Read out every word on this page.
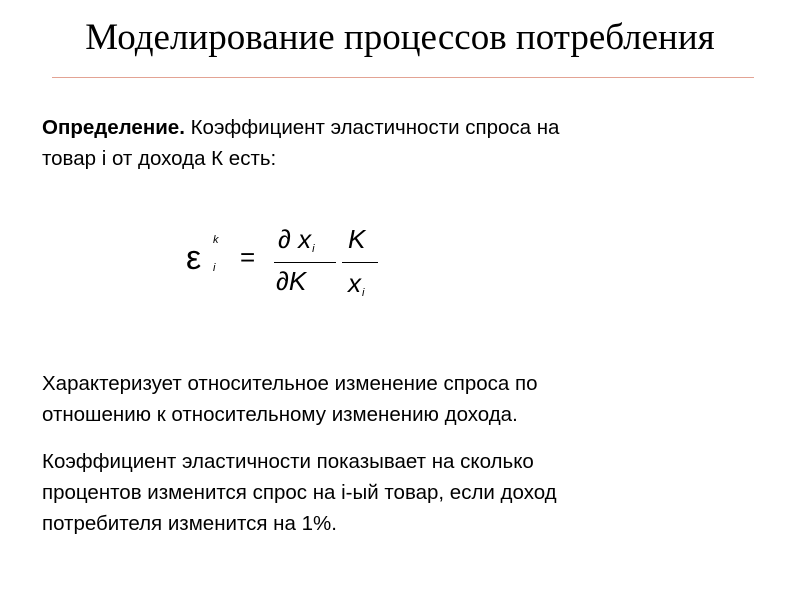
Моделирование процессов потребления
Определение. Коэффициент эластичности спроса на
товар i от дохода К есть:
ε k
i =
∂ $x_i$
∂K
K
$x_i$
Характеризует относительное изменение спроса по
отношению к относительному изменению дохода.
Коэффициент эластичности показывает на сколько
процентов изменится спрос на i-ый товар, если доход
потребителя изменится на 1%.
